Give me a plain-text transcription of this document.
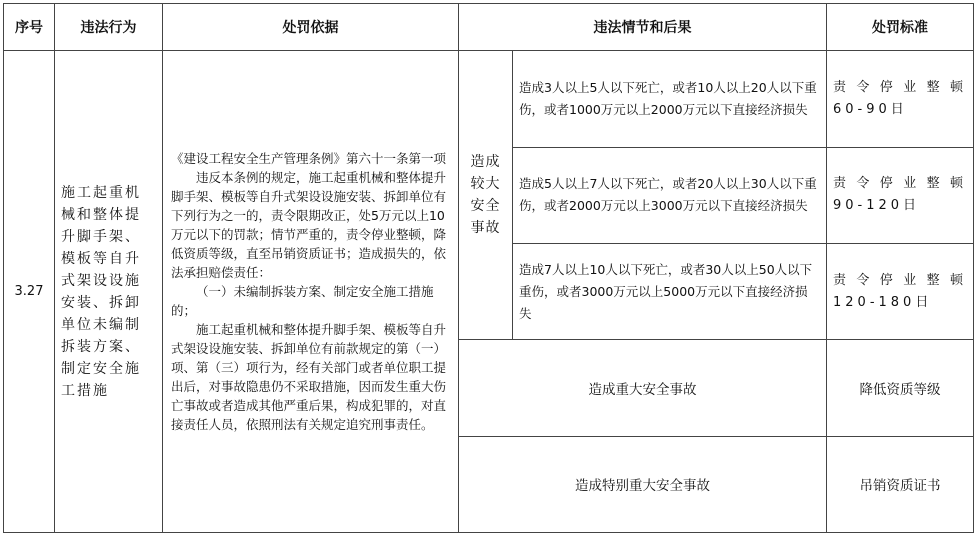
序号	违法行为	处罚依据	违法情节和后果		处罚标准
3.27	施工起重机械和整体提升脚手架、模板等自升式架设设施安装、拆卸单位未编制拆装方案、制定安全施工措施	《建设工程安全生产管理条例》第六十一条第一项

违反本条例的规定，施工起重机械和整体提升脚手架、模板等自升式架设设施安装、拆卸单位有下列行为之一的，责令限期改正，处5万元以上10万元以下的罚款；情节严重的，责令停业整顿，降低资质等级，直至吊销资质证书；造成损失的，依法承担赔偿责任：

（一）未编制拆装方案、制定安全施工措施的；

施工起重机械和整体提升脚手架、模板等自升式架设设施安装、拆卸单位有前款规定的第（一）项、第（三）项行为，经有关部门或者单位职工提出后，对事故隐患仍不采取措施，因而发生重大伤亡事故或者造成其他严重后果，构成犯罪的，对直接责任人员，依照刑法有关规定追究刑事责任。	造成较大安全事故	造成3人以上5人以下死亡，或者10人以上20人以下重伤，或者1000万元以上2000万元以下直接经济损失	责令停业整顿60-90日
				造成5人以上7人以下死亡，或者20人以上30人以下重伤，或者2000万元以上3000万元以下直接经济损失	责令停业整顿90-120日
				造成7人以上10人以下死亡，或者30人以上50人以下重伤，或者3000万元以上5000万元以下直接经济损失	责令停业整顿120-180日
			造成重大安全事故		降低资质等级
			造成特别重大安全事故		吊销资质证书
